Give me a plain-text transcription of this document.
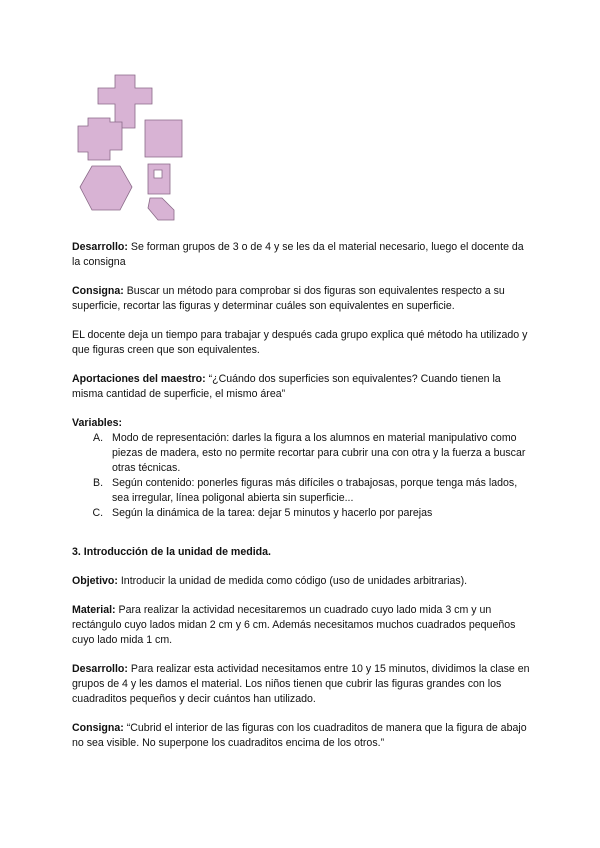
Desarrollo: Se forman grupos de 3 o de 4 y se les da el material necesario, luego el docente da la consigna

Consigna: Buscar un método para comprobar si dos figuras son equivalentes respecto a su superficie, recortar las figuras y determinar cuáles son equivalentes en superficie.

EL docente deja un tiempo para trabajar y después cada grupo explica qué método ha utilizado y que figuras creen que son equivalentes.

Aportaciones del maestro: “¿Cuándo dos superficies son equivalentes? Cuando tienen la misma cantidad de superficie, el mismo área”

Variables:

A. Modo de representación: darles la figura a los alumnos en material manipulativo como piezas de madera, esto no permite recortar para cubrir una con otra y la fuerza a buscar otras técnicas.
B. Según contenido: ponerles figuras más difíciles o trabajosas, porque tenga más lados, sea irregular, línea poligonal abierta sin superficie...
C. Según la dinámica de la tarea: dejar 5 minutos y hacerlo por parejas

3. Introducción de la unidad de medida.

Objetivo: Introducir la unidad de medida como código (uso de unidades arbitrarias).

Material: Para realizar la actividad necesitaremos un cuadrado cuyo lado mida 3 cm y un rectángulo cuyo lados midan 2 cm y 6 cm. Además necesitamos muchos cuadrados pequeños cuyo lado mida 1 cm.

Desarrollo: Para realizar esta actividad necesitamos entre 10 y 15 minutos, dividimos la clase en grupos de 4 y les damos el material. Los niños tienen que cubrir las figuras grandes con los cuadraditos pequeños y decir cuántos han utilizado.

Consigna: “Cubrid el interior de las figuras con los cuadraditos de manera que la figura de abajo no sea visible. No superpone los cuadraditos encima de los otros.”
